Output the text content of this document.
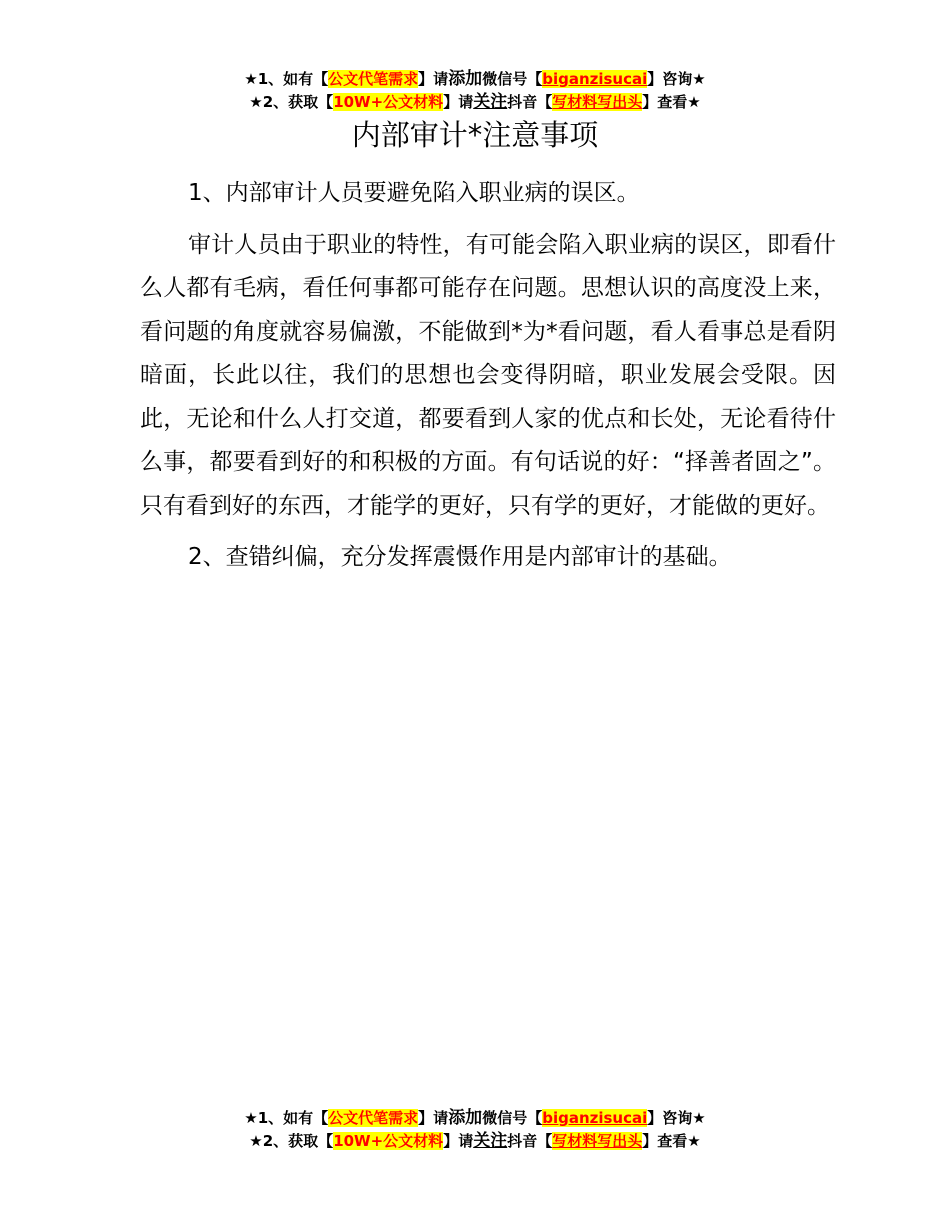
★1、如有【公文代笔需求】请添加微信号【biganzisucai】咨询★
★2、获取【10W+公文材料】请关注抖音【写材料写出头】查看★
内部审计*注意事项

1、内部审计人员要避免陷入职业病的误区。

审计人员由于职业的特性，有可能会陷入职业病的误区，即看什么人都有毛病，看任何事都可能存在问题。思想认识的高度没上来，看问题的角度就容易偏激，不能做到*为*看问题，看人看事总是看阴暗面，长此以往，我们的思想也会变得阴暗，职业发展会受限。因此，无论和什么人打交道，都要看到人家的优点和长处，无论看待什么事，都要看到好的和积极的方面。有句话说的好：“择善者固之”。只有看到好的东西，才能学的更好，只有学的更好，才能做的更好。

2、查错纠偏，充分发挥震慑作用是内部审计的基础。

★1、如有【公文代笔需求】请添加微信号【biganzisucai】咨询★
★2、获取【10W+公文材料】请关注抖音【写材料写出头】查看★
